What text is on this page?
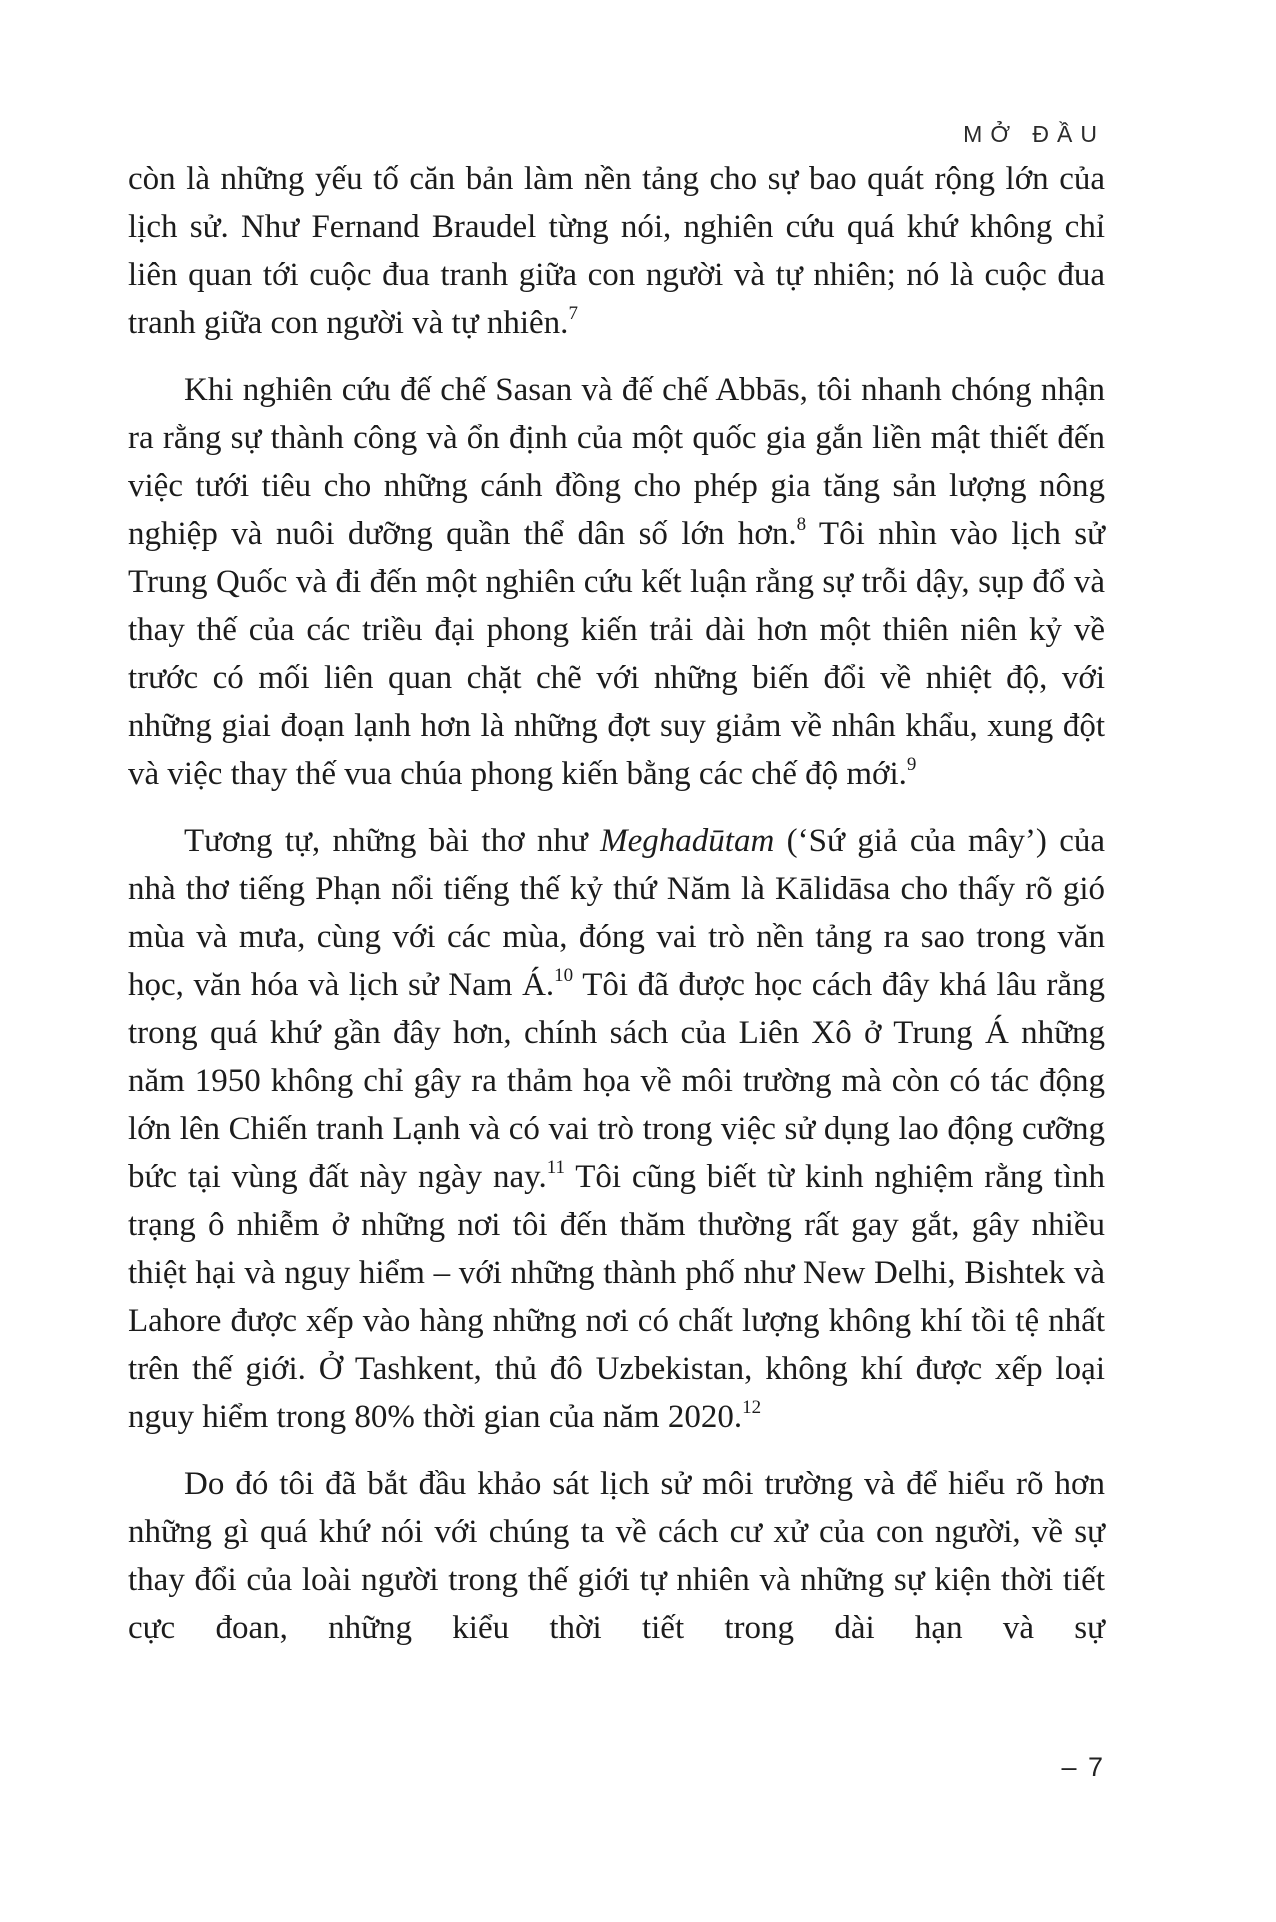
MỞ ĐẦU

còn là những yếu tố căn bản làm nền tảng cho sự bao quát rộng lớn của lịch sử. Như Fernand Braudel từng nói, nghiên cứu quá khứ không chỉ liên quan tới cuộc đua tranh giữa con người và tự nhiên; nó là cuộc đua tranh giữa con người và tự nhiên.$^7$

Khi nghiên cứu đế chế Sasan và đế chế Abbās, tôi nhanh chóng nhận ra rằng sự thành công và ổn định của một quốc gia gắn liền mật thiết đến việc tưới tiêu cho những cánh đồng cho phép gia tăng sản lượng nông nghiệp và nuôi dưỡng quần thể dân số lớn hơn.$^8$ Tôi nhìn vào lịch sử Trung Quốc và đi đến một nghiên cứu kết luận rằng sự trỗi dậy, sụp đổ và thay thế của các triều đại phong kiến trải dài hơn một thiên niên kỷ về trước có mối liên quan chặt chẽ với những biến đổi về nhiệt độ, với những giai đoạn lạnh hơn là những đợt suy giảm về nhân khẩu, xung đột và việc thay thế vua chúa phong kiến bằng các chế độ mới.$^9$

Tương tự, những bài thơ như Meghadūtam (‘Sứ giả của mây’) của nhà thơ tiếng Phạn nổi tiếng thế kỷ thứ Năm là Kālidāsa cho thấy rõ gió mùa và mưa, cùng với các mùa, đóng vai trò nền tảng ra sao trong văn học, văn hóa và lịch sử Nam Á.$^{10}$ Tôi đã được học cách đây khá lâu rằng trong quá khứ gần đây hơn, chính sách của Liên Xô ở Trung Á những năm 1950 không chỉ gây ra thảm họa về môi trường mà còn có tác động lớn lên Chiến tranh Lạnh và có vai trò trong việc sử dụng lao động cưỡng bức tại vùng đất này ngày nay.$^{11}$ Tôi cũng biết từ kinh nghiệm rằng tình trạng ô nhiễm ở những nơi tôi đến thăm thường rất gay gắt, gây nhiều thiệt hại và nguy hiểm – với những thành phố như New Delhi, Bishtek và Lahore được xếp vào hàng những nơi có chất lượng không khí tồi tệ nhất trên thế giới. Ở Tashkent, thủ đô Uzbekistan, không khí được xếp loại nguy hiểm trong 80% thời gian của năm 2020.12

Do đó tôi đã bắt đầu khảo sát lịch sử môi trường và để hiểu rõ hơn những gì quá khứ nói với chúng ta về cách cư xử của con người, về sự thay đổi của loài người trong thế giới tự nhiên và những sự kiện thời tiết cực đoan, những kiểu thời tiết trong dài hạn và sự

– 7
